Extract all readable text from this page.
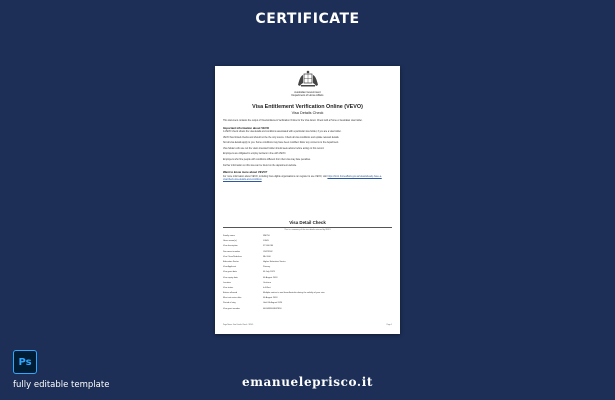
CERTIFICATE
Australian Government
Department of Home Affairs
Visa Entitlement Verification Online (VEVO)
Visa Details Check

This document contains the output of Visa Entitlement Verification Online for the Visa Grant. Check with a Home or Australian visa holder.

Important information about VEVO

A VEVO check shows the visa details and conditions associated with a particular visa holder, if you are a visa holder.

VEVO has limited checks and should not be the only source. Check all visa conditions and update relevant details.

Not all visa details apply to you. Some conditions may have been modified. Refer any concerns to the department.

Visa holders who are not the visa's intended holder should seek advice before acting on this record.

Employers are obligated to employ workers in line with VEVO.

Employers who hire people with conditions different from their visa may face penalties.

Further information on this visa can be found on the department website.

Want to know more about VEVO?

For more information about VEVO, including how eligible organisations can register to use VEVO, visit https://immi.homeaffairs.gov.au/visas/already-have-a-visa/check-visa-details-and-conditions

Visa Detail Check
This is a summary of the visa details returned by VEVO
Family name	SMITH
Given name(s)	JOHN
Visa description	ST 600 SB
Document number	C8473902
Visa Class/Subclass	FA / 600
Education Sector	Higher Education Sector
Visa Applicant	Primary
Visa grant date	06 July 2023
Visa expiry date	06 August 2024
Location	Onshore
Visa status	In Effect
Entries allowed	Multiple entries to and from Australia during the validity of your visa
Must not arrive after	06 August 2024
Period of stay	Until 06 August 2024
Visa grant number	0403485603847890
Page Name: Visa Details Check - VEVO	Page 1
Ps
fully editable template	emanueleprisco.it
